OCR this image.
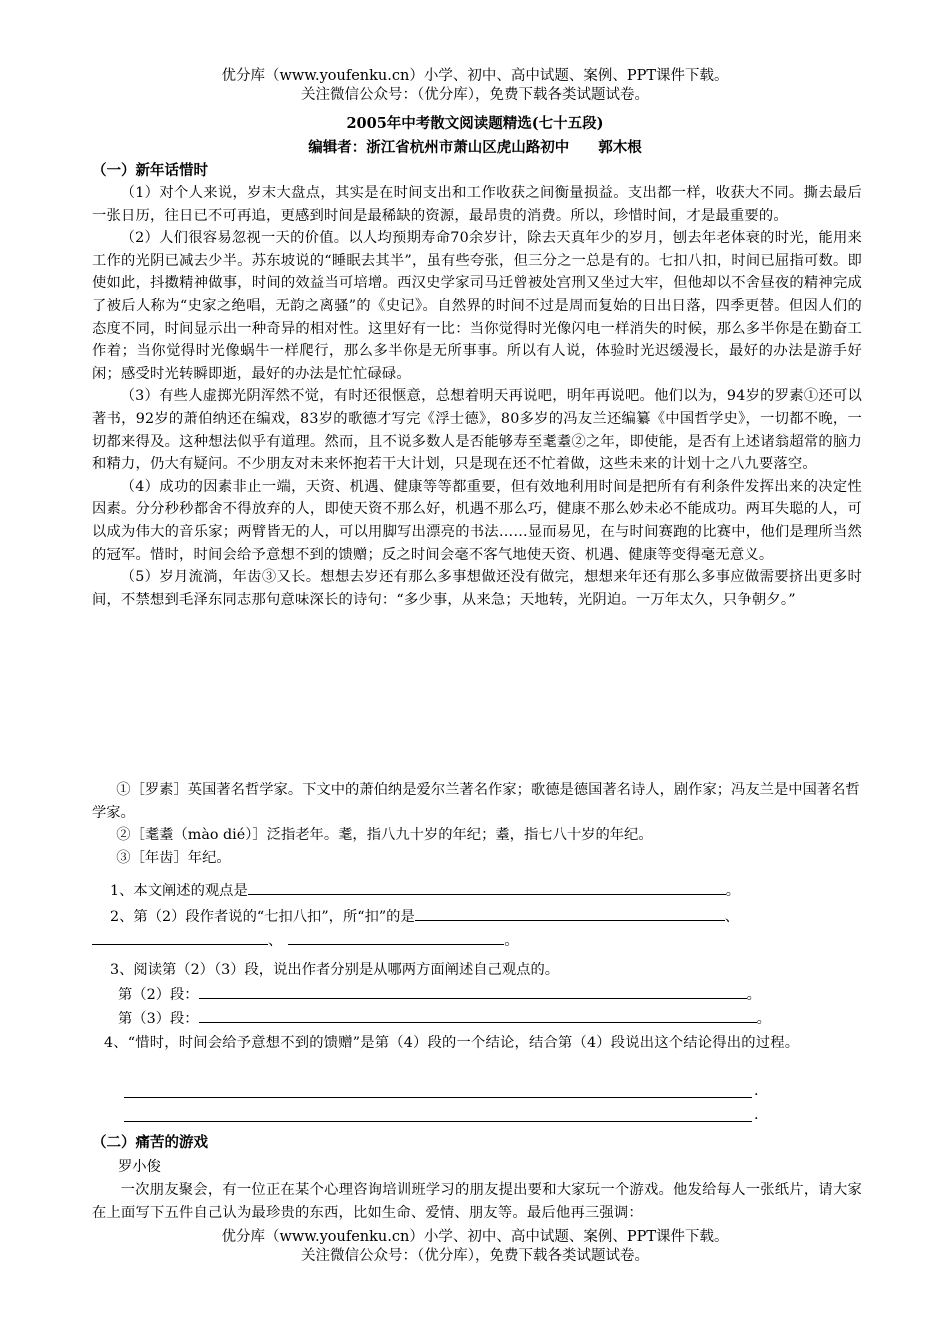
优分库（www.youfenku.cn）小学、初中、高中试题、案例、PPT课件下载。
关注微信公众号：（优分库），免费下载各类试题试卷。
2005年中考散文阅读题精选(七十五段)
编辑者：浙江省杭州市萧山区虎山路初中　　郭木根
（一）新年话惜时

（1）对个人来说，岁末大盘点，其实是在时间支出和工作收获之间衡量损益。支出都一样，收获大不同。撕去最后一张日历，往日已不可再追，更感到时间是最稀缺的资源，最昂贵的消费。所以，珍惜时间，才是最重要的。

（2）人们很容易忽视一天的价值。以人均预期寿命70余岁计，除去天真年少的岁月，刨去年老体衰的时光，能用来工作的光阴已减去少半。苏东坡说的“睡眠去其半”，虽有些夸张，但三分之一总是有的。七扣八扣，时间已屈指可数。即使如此，抖擞精神做事，时间的效益当可培增。西汉史学家司马迁曾被处宫刑又坐过大牢，但他却以不舍昼夜的精神完成了被后人称为“史家之绝唱，无韵之离骚”的《史记》。自然界的时间不过是周而复始的日出日落，四季更替。但因人们的态度不同，时间显示出一种奇异的相对性。这里好有一比：当你觉得时光像闪电一样消失的时候，那么多半你是在勤奋工作着；当你觉得时光像蜗牛一样爬行，那么多半你是无所事事。所以有人说，体验时光迟缓漫长，最好的办法是游手好闲；感受时光转瞬即逝，最好的办法是忙忙碌碌。

（3）有些人虚掷光阴浑然不觉，有时还很惬意，总想着明天再说吧，明年再说吧。他们以为，94岁的罗素①还可以著书，92岁的萧伯纳还在编戏，83岁的歌德才写完《浮士德》，80多岁的冯友兰还编纂《中国哲学史》，一切都不晚，一切都来得及。这种想法似乎有道理。然而，且不说多数人是否能够寿至耄耋②之年，即使能，是否有上述诸翁超常的脑力和精力，仍大有疑问。不少朋友对未来怀抱若干大计划，只是现在还不忙着做，这些未来的计划十之八九要落空。

（4）成功的因素非止一端，天资、机遇、健康等等都重要，但有效地利用时间是把所有有利条件发挥出来的决定性因素。分分秒秒都舍不得放弃的人，即使天资不那么好，机遇不那么巧，健康不那么妙未必不能成功。两耳失聪的人，可以成为伟大的音乐家；两臂皆无的人，可以用脚写出漂亮的书法……显而易见，在与时间赛跑的比赛中，他们是理所当然的冠军。惜时，时间会给予意想不到的馈赠；反之时间会毫不客气地使天资、机遇、健康等变得毫无意义。

（5）岁月流淌，年齿③又长。想想去岁还有那么多事想做还没有做完，想想来年还有那么多事应做需要挤出更多时间，不禁想到毛泽东同志那句意味深长的诗句：“多少事，从来急；天地转，光阴迫。一万年太久，只争朝夕。”

①［罗素］英国著名哲学家。下文中的萧伯纳是爱尔兰著名作家；歌德是德国著名诗人，剧作家；冯友兰是中国著名哲学家。

②［耄耋（mào dié）］泛指老年。耄，指八九十岁的年纪；耋，指七八十岁的年纪。

③［年齿］年纪。

1、本文阐述的观点是	。
2、第（2）段作者说的“七扣八扣”，所“扣”的是	、
、	。
3、阅读第（2）（3）段，说出作者分别是从哪两方面阐述自己观点的。
第（2）段：	。
第（3）段：	。
4、“惜时，时间会给予意想不到的馈赠”是第（4）段的一个结论，结合第（4）段说出这个结论得出的过程。
.
.
（二）痛苦的游戏
罗小俊

一次朋友聚会，有一位正在某个心理咨询培训班学习的朋友提出要和大家玩一个游戏。他发给每人一张纸片，请大家在上面写下五件自己认为最珍贵的东西，比如生命、爱情、朋友等。最后他再三强调：

优分库（www.youfenku.cn）小学、初中、高中试题、案例、PPT课件下载。
关注微信公众号：（优分库），免费下载各类试题试卷。
